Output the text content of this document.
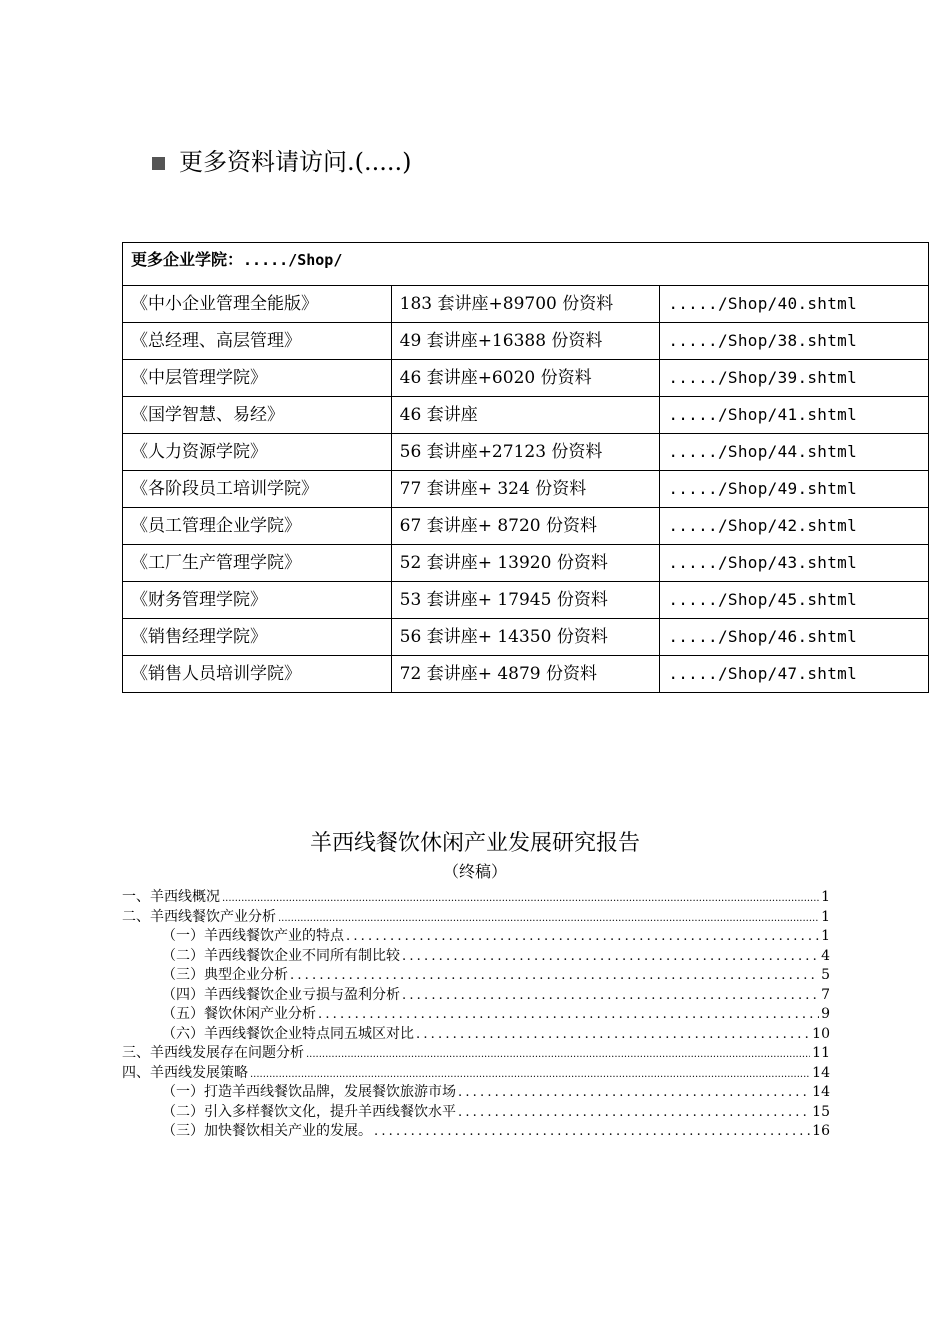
更多资料请访问.(.....)
更多企业学院：...../Shop/		
《中小企业管理全能版》	183 套讲座+89700 份资料	...../Shop/40.shtml
《总经理、高层管理》	49 套讲座+16388 份资料	...../Shop/38.shtml
《中层管理学院》	46 套讲座+6020 份资料	...../Shop/39.shtml
《国学智慧、易经》	46 套讲座	...../Shop/41.shtml
《人力资源学院》	56 套讲座+27123 份资料	...../Shop/44.shtml
《各阶段员工培训学院》	77 套讲座+ 324 份资料	...../Shop/49.shtml
《员工管理企业学院》	67 套讲座+ 8720 份资料	...../Shop/42.shtml
《工厂生产管理学院》	52 套讲座+ 13920 份资料	...../Shop/43.shtml
《财务管理学院》	53 套讲座+ 17945 份资料	...../Shop/45.shtml
《销售经理学院》	56 套讲座+ 14350 份资料	...../Shop/46.shtml
《销售人员培训学院》	72 套讲座+ 4879 份资料	...../Shop/47.shtml
羊西线餐饮休闲产业发展研究报告
（终稿）
一、羊西线概况 .....	1
二、羊西线餐饮产业分析 .....	1
（一）羊西线餐饮产业的特点 .....	1
（二）羊西线餐饮企业不同所有制比较 .....	4
（三）典型企业分析 .....	5
（四）羊西线餐饮企业亏损与盈利分析 .....	7
（五）餐饮休闲产业分析 .....	9
（六）羊西线餐饮企业特点同五城区对比 .....	10
三、羊西线发展存在问题分析 .....	11
四、羊西线发展策略 .....	14
（一）打造羊西线餐饮品牌，发展餐饮旅游市场 .....	14
（二）引入多样餐饮文化，提升羊西线餐饮水平 .....	15
（三）加快餐饮相关产业的发展。 .....	16
